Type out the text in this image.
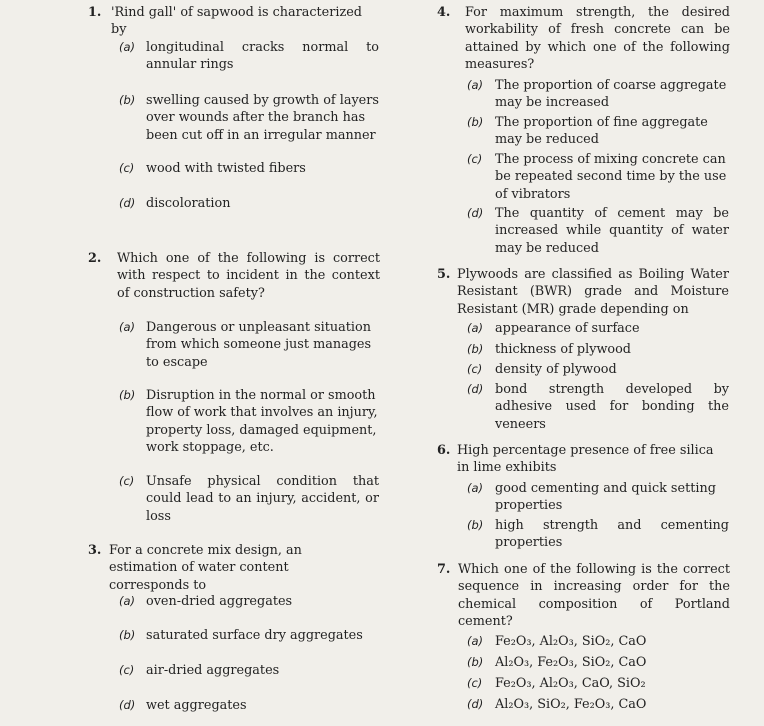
1. 'Rind gall' of sapwood is characterized by
(a) longitudinal cracks normal to annular rings
(b) swelling caused by growth of layers over wounds after the branch has been cut off in an irregular manner
(c) wood with twisted fibers
(d) discoloration
2. Which one of the following is correct with respect to incident in the context of construction safety?
(a) Dangerous or unpleasant situation from which someone just manages to escape
(b) Disruption in the normal or smooth flow of work that involves an injury, property loss, damaged equipment, work stoppage, etc.
(c) Unsafe physical condition that could lead to an injury, accident, or loss
3. For a concrete mix design, an estimation of water content corresponds to
(a) oven-dried aggregates
(b) saturated surface dry aggregates
(c) air-dried aggregates
(d) wet aggregates
4. For maximum strength, the desired workability of fresh concrete can be attained by which one of the following measures?
(a) The proportion of coarse aggregate may be increased
(b) The proportion of fine aggregate may be reduced
(c) The process of mixing concrete can be repeated second time by the use of vibrators
(d) The quantity of cement may be increased while quantity of water may be reduced
5. Plywoods are classified as Boiling Water Resistant (BWR) grade and Moisture Resistant (MR) grade depending on
(a) appearance of surface
(b) thickness of plywood
(c) density of plywood
(d) bond strength developed by adhesive used for bonding the veneers
6. High percentage presence of free silica in lime exhibits
(a) good cementing and quick setting properties
(b) high strength and cementing properties
7. Which one of the following is the correct sequence in increasing order for the chemical composition of Portland cement?
(a) Fe₂O₃, Al₂O₃, SiO₂, CaO
(b) Al₂O₃, Fe₂O₃, SiO₂, CaO
(c) Fe₂O₃, Al₂O₃, CaO, SiO₂
(d) Al₂O₃, SiO₂, Fe₂O₃, CaO
